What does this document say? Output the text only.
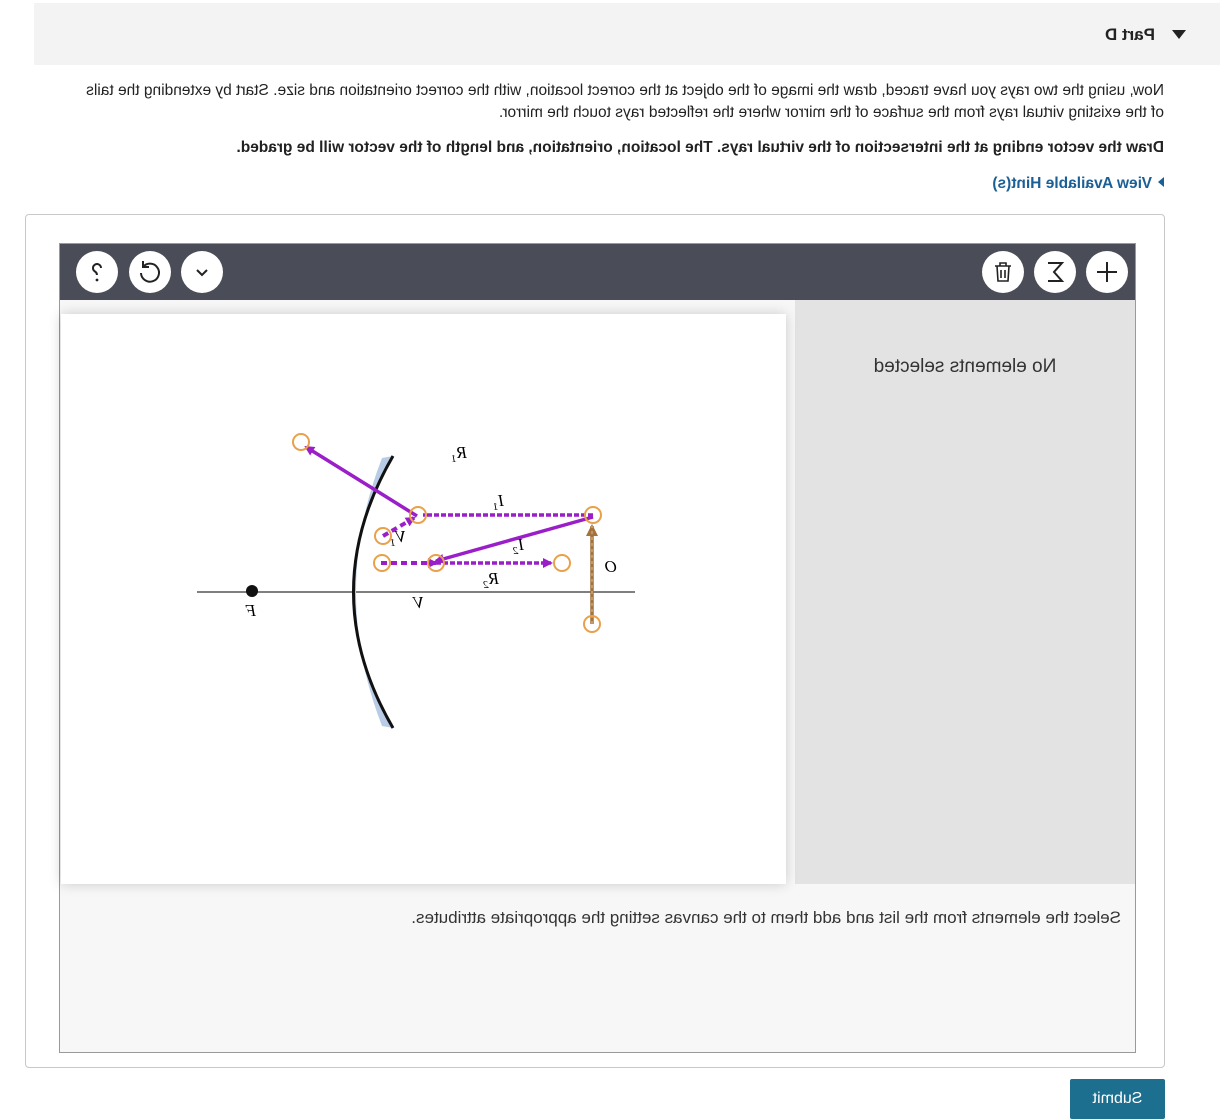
Part D
Now, using the two rays you have traced, draw the image of the object at the correct location, with the correct orientation and size. Start by extending the tails of the existing virtual rays from the surface of the mirror where the reflected rays touch the mirror.
Draw the vector ending at the intersection of the virtual rays. The location, orientation, and length of the vector will be graded.
View Available Hint(s)
No elements selected
F	V
O
$I_1$
$I_2$
$R_1$
$R_2$
$V_1$
Select the elements from the list and add them to the canvas setting the appropriate attributes.
Submit
